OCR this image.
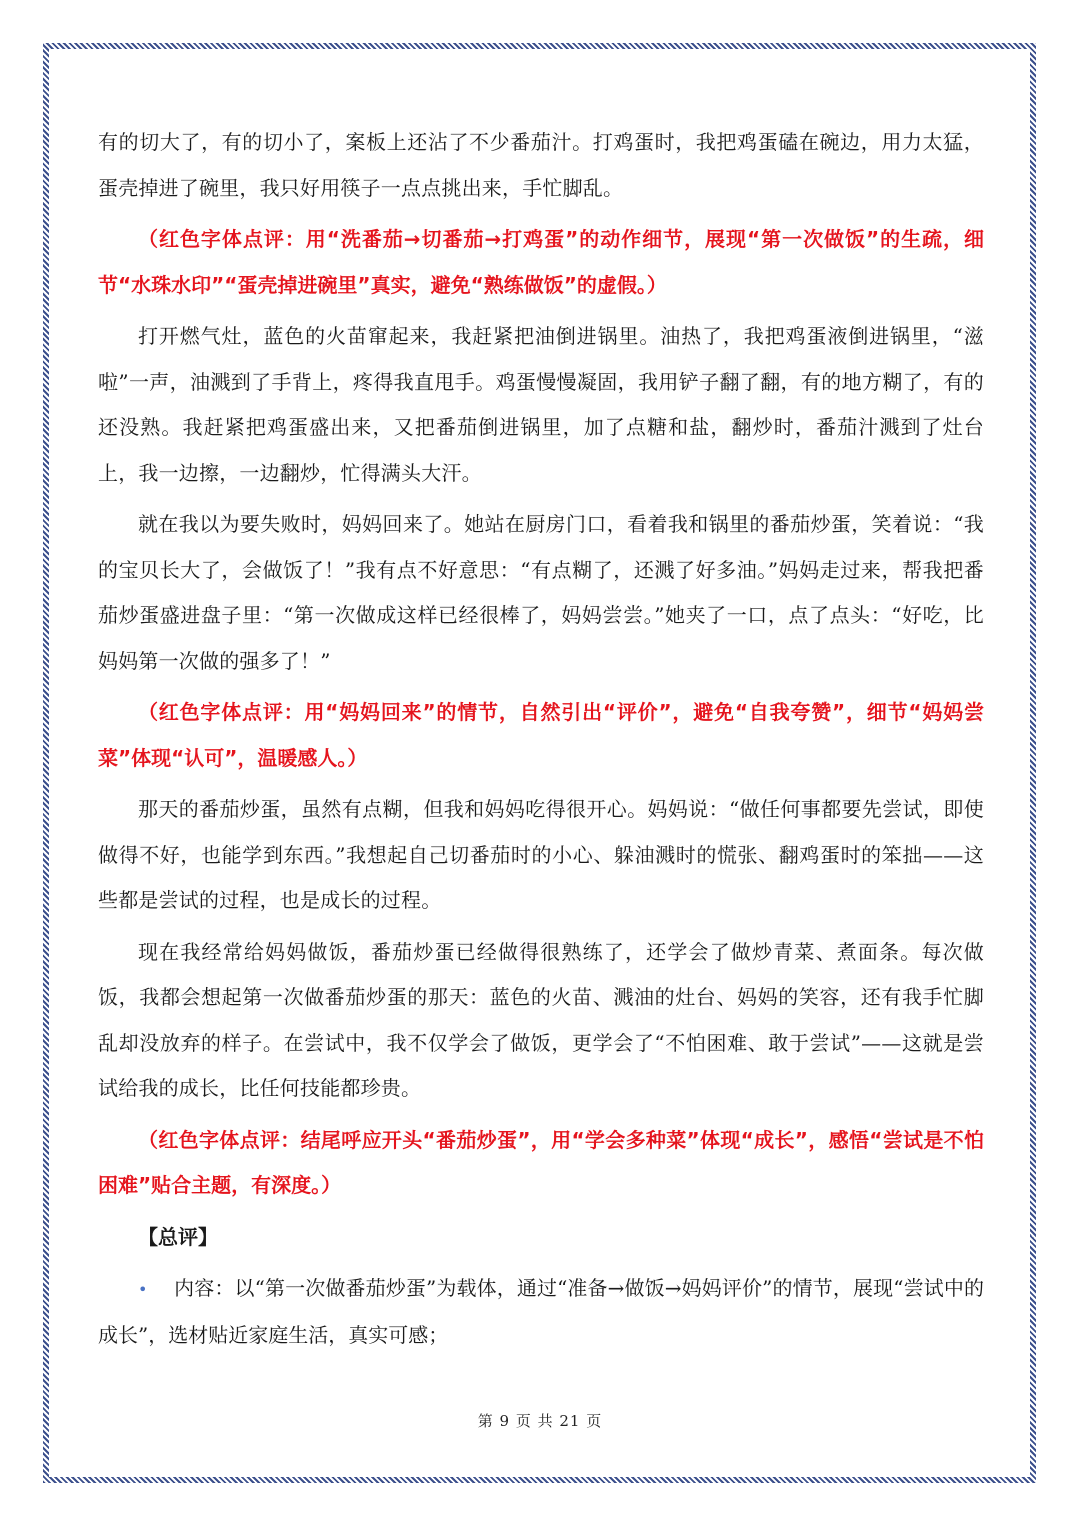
有的切大了，有的切小了，案板上还沾了不少番茄汁。打鸡蛋时，我把鸡蛋磕在碗边，用力太猛，蛋壳掉进了碗里，我只好用筷子一点点挑出来，手忙脚乱。

（红色字体点评：用“洗番茄→切番茄→打鸡蛋”的动作细节，展现“第一次做饭”的生疏，细节“水珠水印”“蛋壳掉进碗里”真实，避免“熟练做饭”的虚假。）

打开燃气灶，蓝色的火苗窜起来，我赶紧把油倒进锅里。油热了，我把鸡蛋液倒进锅里，“滋啦”一声，油溅到了手背上，疼得我直甩手。鸡蛋慢慢凝固，我用铲子翻了翻，有的地方糊了，有的还没熟。我赶紧把鸡蛋盛出来，又把番茄倒进锅里，加了点糖和盐，翻炒时，番茄汁溅到了灶台上，我一边擦，一边翻炒，忙得满头大汗。

就在我以为要失败时，妈妈回来了。她站在厨房门口，看着我和锅里的番茄炒蛋，笑着说：“我的宝贝长大了，会做饭了！”我有点不好意思：“有点糊了，还溅了好多油。”妈妈走过来，帮我把番茄炒蛋盛进盘子里：“第一次做成这样已经很棒了，妈妈尝尝。”她夹了一口，点了点头：“好吃，比妈妈第一次做的强多了！”

（红色字体点评：用“妈妈回来”的情节，自然引出“评价”，避免“自我夸赞”，细节“妈妈尝菜”体现“认可”，温暖感人。）

那天的番茄炒蛋，虽然有点糊，但我和妈妈吃得很开心。妈妈说：“做任何事都要先尝试，即使做得不好，也能学到东西。”我想起自己切番茄时的小心、躲油溅时的慌张、翻鸡蛋时的笨拙——这些都是尝试的过程，也是成长的过程。

现在我经常给妈妈做饭，番茄炒蛋已经做得很熟练了，还学会了做炒青菜、煮面条。每次做饭，我都会想起第一次做番茄炒蛋的那天：蓝色的火苗、溅油的灶台、妈妈的笑容，还有我手忙脚乱却没放弃的样子。在尝试中，我不仅学会了做饭，更学会了“不怕困难、敢于尝试”——这就是尝试给我的成长，比任何技能都珍贵。

（红色字体点评：结尾呼应开头“番茄炒蛋”，用“学会多种菜”体现“成长”，感悟“尝试是不怕困难”贴合主题，有深度。）

【总评】

• 内容：以“第一次做番茄炒蛋”为载体，通过“准备→做饭→妈妈评价”的情节，展现“尝试中的成长”，选材贴近家庭生活，真实可感；

第 9 页 共 21 页
